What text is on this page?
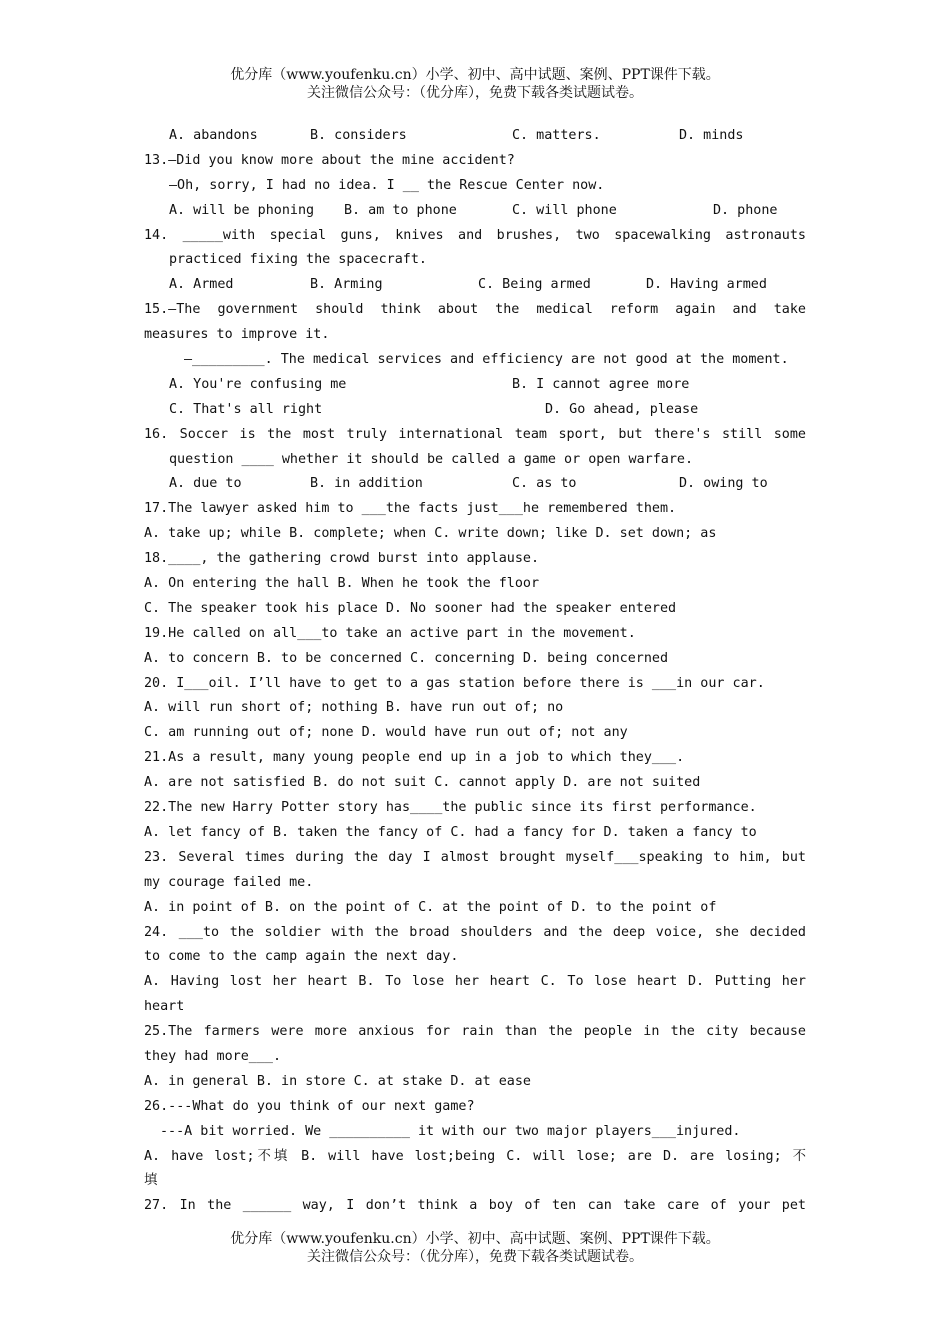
优分库（www.youfenku.cn）小学、初中、高中试题、案例、PPT课件下载。
关注微信公众号：（优分库），免费下载各类试题试卷。
A. abandons	B. considers	C. matters.	D. minds
13.—Did you know more about the mine accident?
—Oh, sorry, I had no idea. I __ the Rescue Center now.
A. will be phoning	B. am to phone	C. will phone	D. phone
14. _____with special guns, knives and brushes, two spacewalking astronauts
practiced fixing the spacecraft.
A. Armed	B. Arming	C. Being armed	D. Having armed
15.—The government should think about the medical reform again and take
measures to improve it.
—_________. The medical services and efficiency are not good at the moment.
A. You're confusing me	B. I cannot agree more
C. That's all right	D. Go ahead, please
16. Soccer is the most truly international team sport, but there's still some
question ____ whether it should be called a game or open warfare.
A. due to	B. in addition	C. as to	D. owing to
17.The lawyer asked him to ___the facts just___he remembered them.
A. take up; while B. complete; when C. write down; like D. set down; as
18.____, the gathering crowd burst into applause.
A. On entering the hall B. When he took the floor
C. The speaker took his place D. No sooner had the speaker entered
19.He called on all___to take an active part in the movement.
A. to concern B. to be concerned C. concerning D. being concerned
20. I___oil. I’ll have to get to a gas station before there is ___in our car.
A. will run short of; nothing B. have run out of; no
C. am running out of; none D. would have run out of; not any
21.As a result, many young people end up in a job to which they___.
A. are not satisfied B. do not suit C. cannot apply D. are not suited
22.The new Harry Potter story has____the public since its first performance.
A. let fancy of B. taken the fancy of C. had a fancy for D. taken a fancy to
23. Several times during the day I almost brought myself___speaking to him, but
my courage failed me.
A. in point of B. on the point of C. at the point of D. to the point of
24. ___to the soldier with the broad shoulders and the deep voice, she decided
to come to the camp again the next day.
A. Having lost her heart B. To lose her heart C. To lose heart D. Putting her
heart
25.The farmers were more anxious for rain than the people in the city because
they had more___.
A. in general B. in store C. at stake D. at ease
26.---What do you think of our next game?
---A bit worried. We __________ it with our two major players___injured.
A. have lost;不填 B. will have lost;being C. will lose; are D. are losing; 不
填
27. In the ______ way, I don’t think a boy of ten can take care of your pet
优分库（www.youfenku.cn）小学、初中、高中试题、案例、PPT课件下载。
关注微信公众号：（优分库），免费下载各类试题试卷。
